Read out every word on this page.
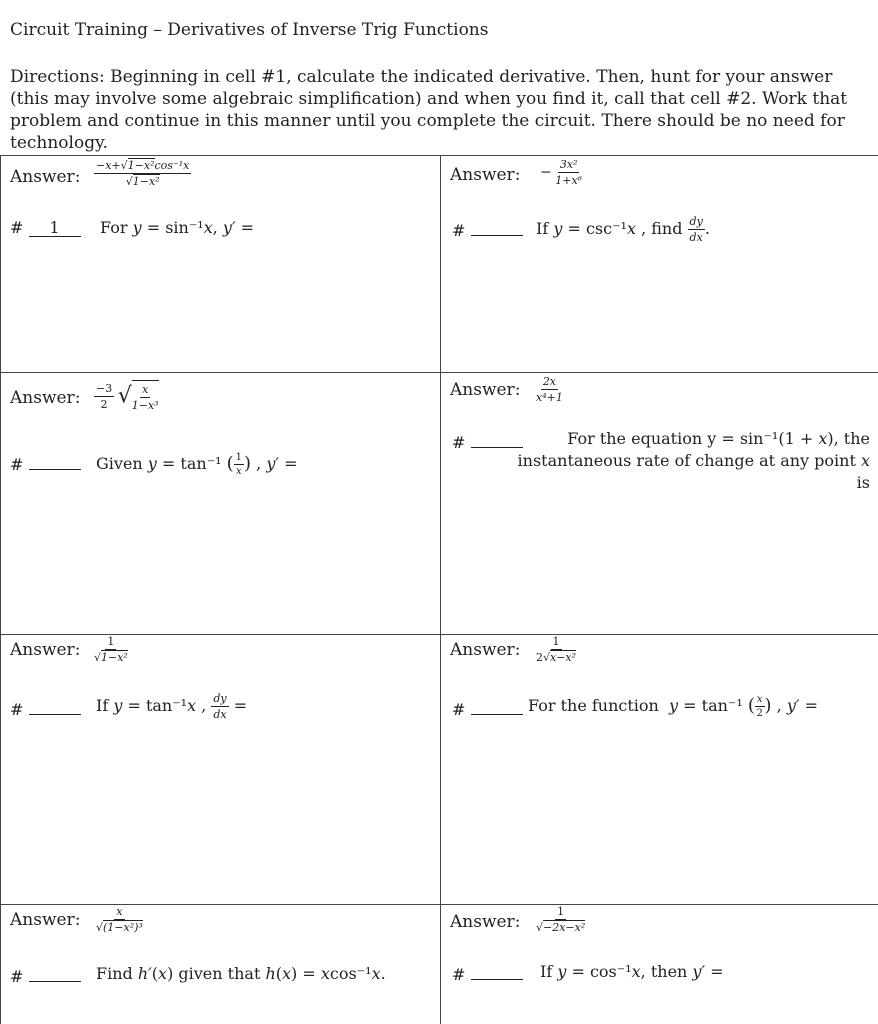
Circuit Training – Derivatives of Inverse Trig Functions
Directions: Beginning in cell #1, calculate the indicated derivative. Then, hunt for your answer (this may involve some algebraic simplification) and when you find it, call that cell #2. Work that problem and continue in this manner until you complete the circuit. There should be no need for technology.
Answer: $\frac{\text{−x+√1−x²cos⁻¹x}}{\text{√1−x²}}$
# 1	For y = sin⁻¹x, y′ =
Answer: − $\frac{\text{3x²}}{\text{1+x⁶}}$
#	If y = csc⁻¹x , find $\frac{dy}{dx}$ .
Answer: $\frac{-3}{2}$ √ $\frac{x}{\text{1−x³}}$
#	Given y = tan⁻¹ ( $\frac{1}{x}$ ) , y′ =
Answer: $\frac{2x}{\text{x⁴+1}}$
#	For the equation y = sin⁻¹(1 + x), the instantaneous rate of change at any point x is
Answer: $\frac{1}{\text{√1−x²}}$
#	If y = tan⁻¹x , $\frac{dy}{dx}$ =
Answer: $\frac{1}{\text{2√x−x²}}$
#	For the function  y = tan⁻¹ ( $\frac{x}{2}$ ) , y′ =
Answer: $\frac{x}{\text{√(1−x²)³}}$
#	Find h′(x) given that h(x) = xcos⁻¹x.
Answer: $\frac{1}{\text{√−2x−x²}}$
#	If y = cos⁻¹x, then y′ =
